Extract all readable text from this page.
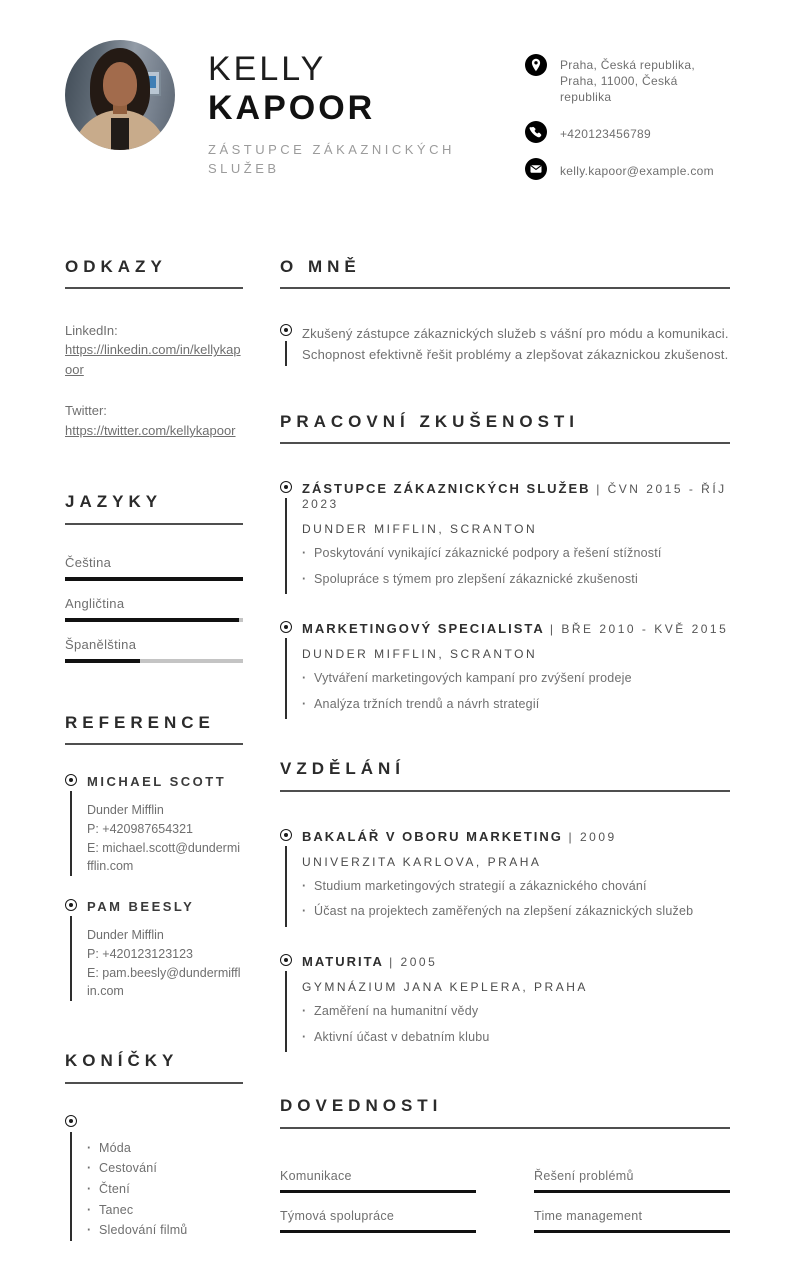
KELLY
KAPOOR
ZÁSTUPCE ZÁKAZNICKÝCH SLUŽEB
Praha, Česká republika, Praha, 11000, Česká republika
+420123456789
kelly.kapoor@example.com
ODKAZY
LinkedIn:
https://linkedin.com/in/kellykapoor
Twitter:
https://twitter.com/kellykapoor
JAZYKY
Čeština
Angličtina
Španělština
REFERENCE
MICHAEL SCOTT
Dunder Mifflin
P: +420987654321
E: michael.scott@dundermifflin.com
PAM BEESLY
Dunder Mifflin
P: +420123123123
E: pam.beesly@dundermifflin.com
KONÍČKY
· Móda
· Cestování
· Čtení
· Tanec
· Sledování filmů
O MNĚ
Zkušený zástupce zákaznických služeb s vášní pro módu a komunikaci. Schopnost efektivně řešit problémy a zlepšovat zákaznickou zkušenost.
PRACOVNÍ ZKUŠENOSTI
ZÁSTUPCE ZÁKAZNICKÝCH SLUŽEB | ČVN 2015 - ŘÍJ 2023
DUNDER MIFFLIN, SCRANTON
· Poskytování vynikající zákaznické podpory a řešení stížností
· Spolupráce s týmem pro zlepšení zákaznické zkušenosti
MARKETINGOVÝ SPECIALISTA | BŘE 2010 - KVĚ 2015
DUNDER MIFFLIN, SCRANTON
· Vytváření marketingových kampaní pro zvýšení prodeje
· Analýza tržních trendů a návrh strategií
VZDĚLÁNÍ
BAKALÁŘ V OBORU MARKETING | 2009
UNIVERZITA KARLOVA, PRAHA
· Studium marketingových strategií a zákaznického chování
· Účast na projektech zaměřených na zlepšení zákaznických služeb
MATURITA | 2005
GYMNÁZIUM JANA KEPLERA, PRAHA
· Zaměření na humanitní vědy
· Aktivní účast v debatním klubu
DOVEDNOSTI
Komunikace	Řešení problémů
Týmová spolupráce	Time management
